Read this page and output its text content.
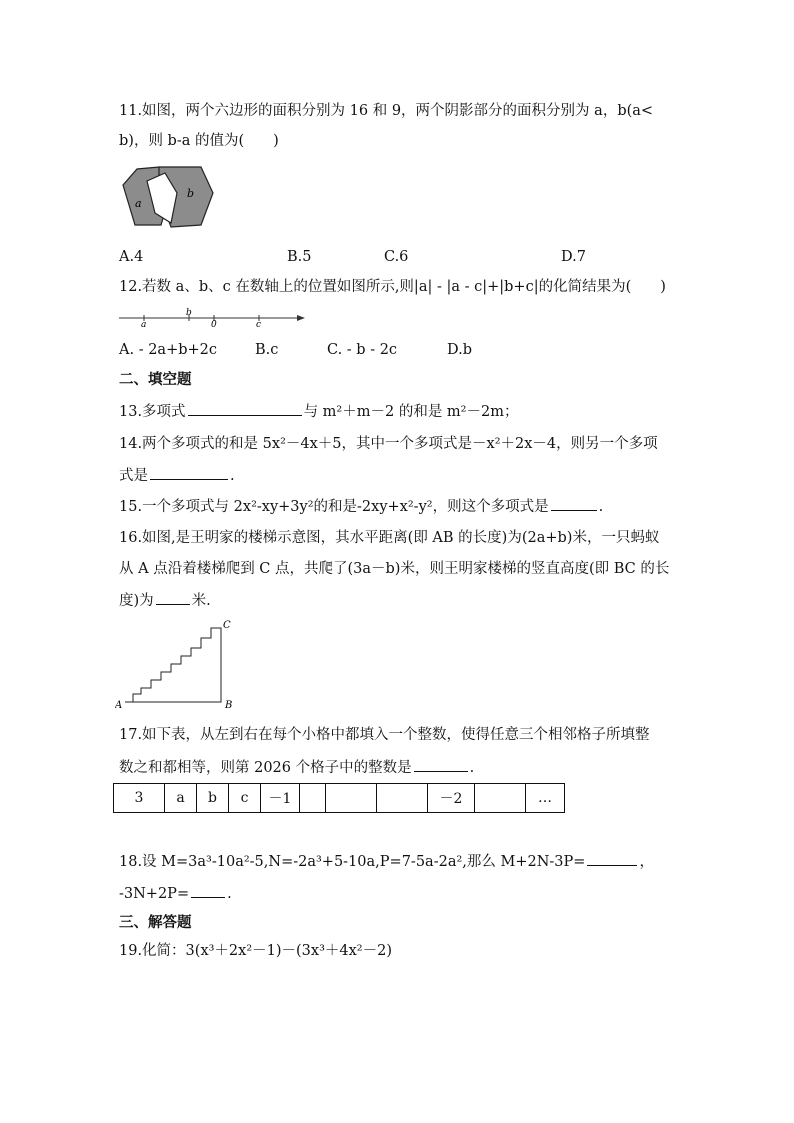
11.如图，两个六边形的面积分别为 16 和 9，两个阴影部分的面积分别为 a，b(a<
b)，则 b-a 的值为(　　)
a
b
A.4	B.5	C.6	D.7
12.若数 a、b、c 在数轴上的位置如图所示,则|a| - |a - c|+|b+c|的化简结果为(　　)
a
b
0	c
A. - 2a+b+2c	B.c	C. - b - 2c	D.b
二、填空题
13.多项式	与 m²＋m－2 的和是 m²－2m；
14.两个多项式的和是 5x²－4x＋5，其中一个多项式是－x²＋2x－4，则另一个多项
式是	.
15.一个多项式与 2x²-xy+3y²的和是-2xy+x²-y²，则这个多项式是	.
16.如图,是王明家的楼梯示意图，其水平距离(即 AB 的长度)为(2a+b)米，一只蚂蚁
从 A 点沿着楼梯爬到 C 点，共爬了(3a－b)米，则王明家楼梯的竖直高度(即 BC 的长
度)为	米.
A	B
C
17.如下表，从左到右在每个小格中都填入一个整数，使得任意三个相邻格子所填整
数之和都相等，则第 2026 个格子中的整数是	.
3	a	b	c	－1				－2		…
18.设 M=3a³-10a²-5,N=-2a³+5-10a,P=7-5a-2a²,那么 M+2N-3P=	，
-3N+2P=	.
三、解答题
19.化简：3(x³＋2x²－1)－(3x³＋4x²－2)
